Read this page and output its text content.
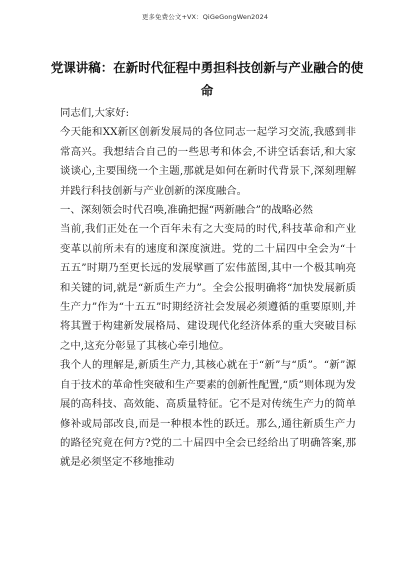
更多免费公文+VX：QiGeGongWen2024
党课讲稿：在新时代征程中勇担科技创新与产业融合的使命

同志们,大家好:

今天能和XX新区创新发展局的各位同志一起学习交流,我感到非常高兴。我想结合自己的一些思考和体会,不讲空话套话,和大家谈谈心,主要围绕一个主题,那就是如何在新时代背景下,深刻理解并践行科技创新与产业创新的深度融合。

一、深刻领会时代召唤,准确把握“两新融合”的战略必然

当前,我们正处在一个百年未有之大变局的时代,科技革命和产业变革以前所未有的速度和深度演进。党的二十届四中全会为“十五五”时期乃至更长远的发展擘画了宏伟蓝图,其中一个极其响亮和关键的词,就是“新质生产力”。全会公报明确将“加快发展新质生产力”作为“十五五”时期经济社会发展必须遵循的重要原则,并将其置于构建新发展格局、建设现代化经济体系的重大突破目标之中,这充分彰显了其核心牵引地位。

我个人的理解是,新质生产力,其核心就在于“新”与“质”。“新”源自于技术的革命性突破和生产要素的创新性配置,“质”则体现为发展的高科技、高效能、高质量特征。它不是对传统生产力的简单修补或局部改良,而是一种根本性的跃迁。那么,通往新质生产力的路径究竟在何方?党的二十届四中全会已经给出了明确答案,那就是必须坚定不移地推动
